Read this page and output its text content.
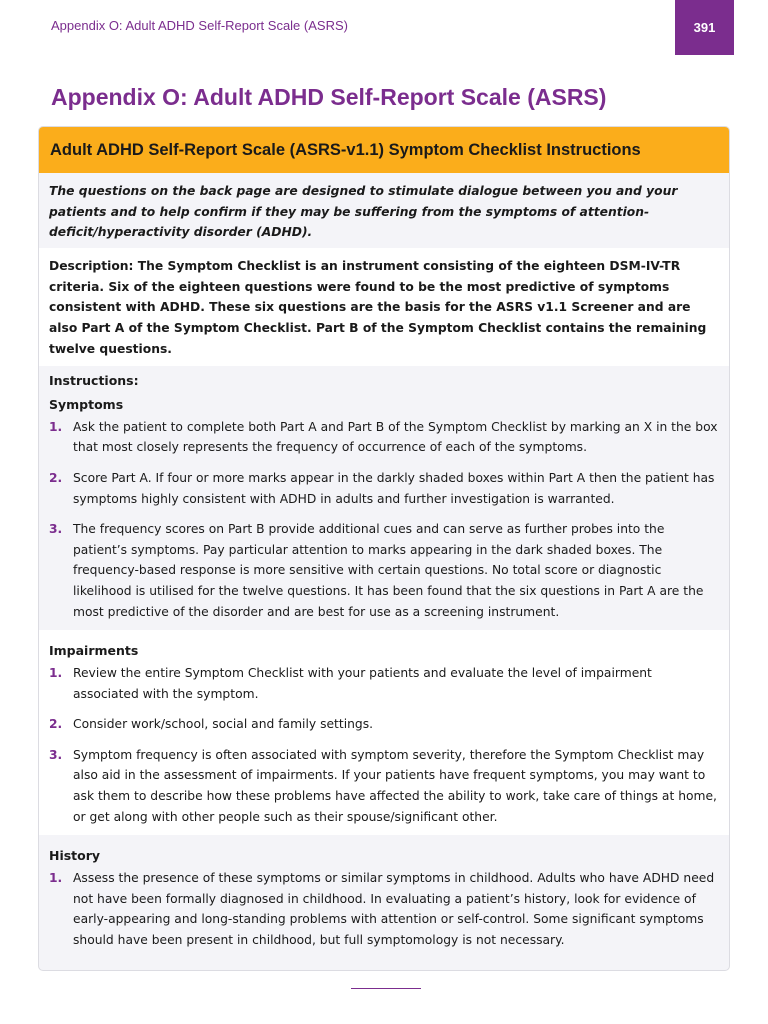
Appendix O: Adult ADHD Self-Report Scale (ASRS)	391
Appendix O: Adult ADHD Self-Report Scale (ASRS)
Adult ADHD Self-Report Scale (ASRS-v1.1) Symptom Checklist Instructions
The questions on the back page are designed to stimulate dialogue between you and your patients and to help confirm if they may be suffering from the symptoms of attention-deficit/hyperactivity disorder (ADHD).
Description: The Symptom Checklist is an instrument consisting of the eighteen DSM-IV-TR criteria. Six of the eighteen questions were found to be the most predictive of symptoms consistent with ADHD. These six questions are the basis for the ASRS v1.1 Screener and are also Part A of the Symptom Checklist. Part B of the Symptom Checklist contains the remaining twelve questions.
Instructions:
Symptoms
1. Ask the patient to complete both Part A and Part B of the Symptom Checklist by marking an X in the box that most closely represents the frequency of occurrence of each of the symptoms.
2. Score Part A. If four or more marks appear in the darkly shaded boxes within Part A then the patient has symptoms highly consistent with ADHD in adults and further investigation is warranted.
3. The frequency scores on Part B provide additional cues and can serve as further probes into the patient’s symptoms. Pay particular attention to marks appearing in the dark shaded boxes. The frequency-based response is more sensitive with certain questions. No total score or diagnostic likelihood is utilised for the twelve questions. It has been found that the six questions in Part A are the most predictive of the disorder and are best for use as a screening instrument.
Impairments
1. Review the entire Symptom Checklist with your patients and evaluate the level of impairment associated with the symptom.
2. Consider work/school, social and family settings.
3. Symptom frequency is often associated with symptom severity, therefore the Symptom Checklist may also aid in the assessment of impairments. If your patients have frequent symptoms, you may want to ask them to describe how these problems have affected the ability to work, take care of things at home, or get along with other people such as their spouse/significant other.
History
1. Assess the presence of these symptoms or similar symptoms in childhood. Adults who have ADHD need not have been formally diagnosed in childhood. In evaluating a patient’s history, look for evidence of early-appearing and long-standing problems with attention or self-control. Some significant symptoms should have been present in childhood, but full symptomology is not necessary.
